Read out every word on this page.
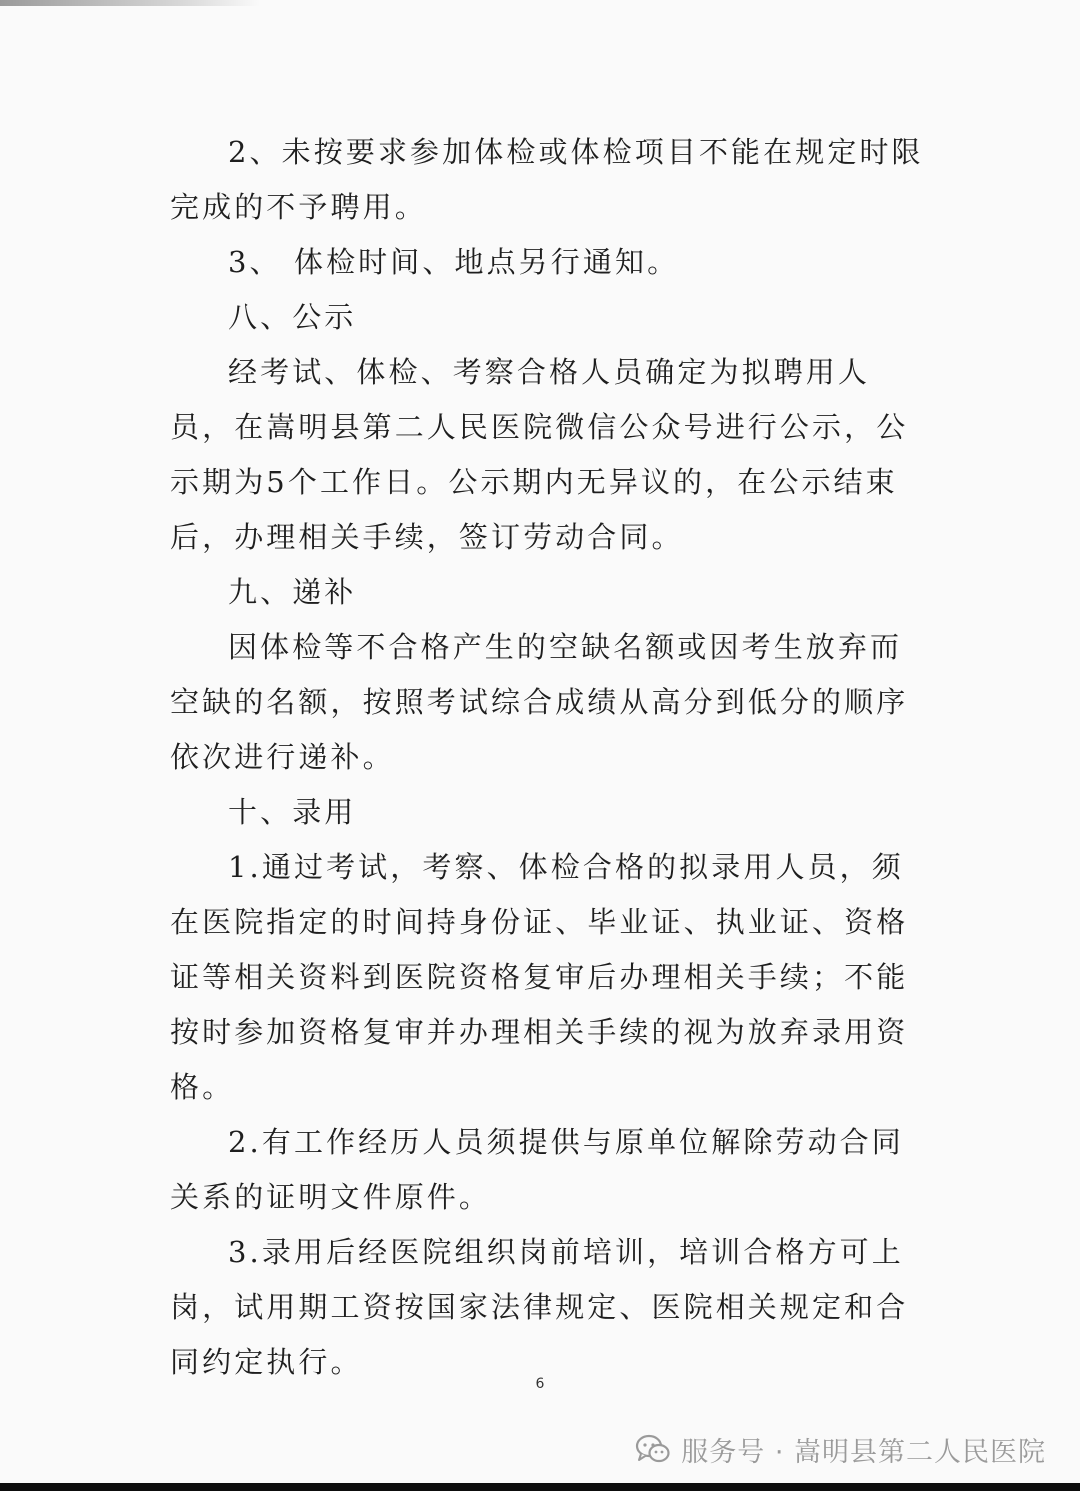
2、未按要求参加体检或体检项目不能在规定时限完成的不予聘用。

3、 体检时间、地点另行通知。

八、公示

经考试、体检、考察合格人员确定为拟聘用人员，在嵩明县第二人民医院微信公众号进行公示，公示期为5个工作日。公示期内无异议的，在公示结束后，办理相关手续，签订劳动合同。

九、递补

因体检等不合格产生的空缺名额或因考生放弃而空缺的名额，按照考试综合成绩从高分到低分的顺序依次进行递补。

十、录用

1.通过考试，考察、体检合格的拟录用人员，须在医院指定的时间持身份证、毕业证、执业证、资格证等相关资料到医院资格复审后办理相关手续；不能按时参加资格复审并办理相关手续的视为放弃录用资格。

2.有工作经历人员须提供与原单位解除劳动合同关系的证明文件原件。

3.录用后经医院组织岗前培训，培训合格方可上岗，试用期工资按国家法律规定、医院相关规定和合同约定执行。

6
服务号 · 嵩明县第二人民医院
